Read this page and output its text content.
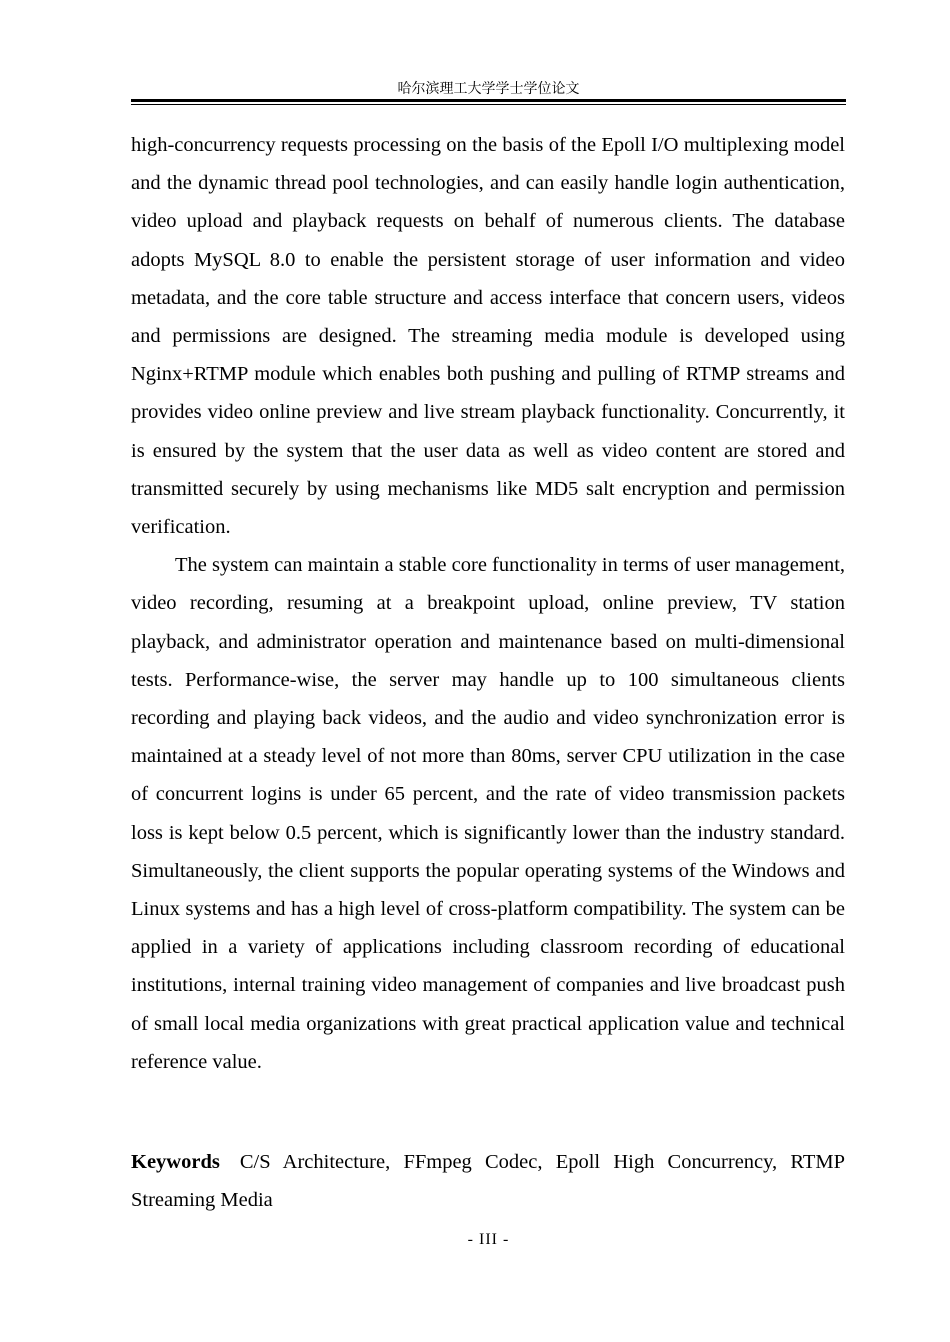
哈尔滨理工大学学士学位论文

high-concurrency requests processing on the basis of the Epoll I/O multiplexing model and the dynamic thread pool technologies, and can easily handle login authentication, video upload and playback requests on behalf of numerous clients. The database adopts MySQL 8.0 to enable the persistent storage of user information and video metadata, and the core table structure and access interface that concern users, videos and permissions are designed. The streaming media module is developed using Nginx+RTMP module which enables both pushing and pulling of RTMP streams and provides video online preview and live stream playback functionality. Concurrently, it is ensured by the system that the user data as well as video content are stored and transmitted securely by using mechanisms like MD5 salt encryption and permission verification.

The system can maintain a stable core functionality in terms of user management, video recording, resuming at a breakpoint upload, online preview, TV station playback, and administrator operation and maintenance based on multi-dimensional tests. Performance-wise, the server may handle up to 100 simultaneous clients recording and playing back videos, and the audio and video synchronization error is maintained at a steady level of not more than 80ms, server CPU utilization in the case of concurrent logins is under 65 percent, and the rate of video transmission packets loss is kept below 0.5 percent, which is significantly lower than the industry standard. Simultaneously, the client supports the popular operating systems of the Windows and Linux systems and has a high level of cross-platform compatibility. The system can be applied in a variety of applications including classroom recording of educational institutions, internal training video management of companies and live broadcast push of small local media organizations with great practical application value and technical reference value.

Keywords C/S Architecture, FFmpeg Codec, Epoll High Concurrency, RTMP Streaming Media
- III -
